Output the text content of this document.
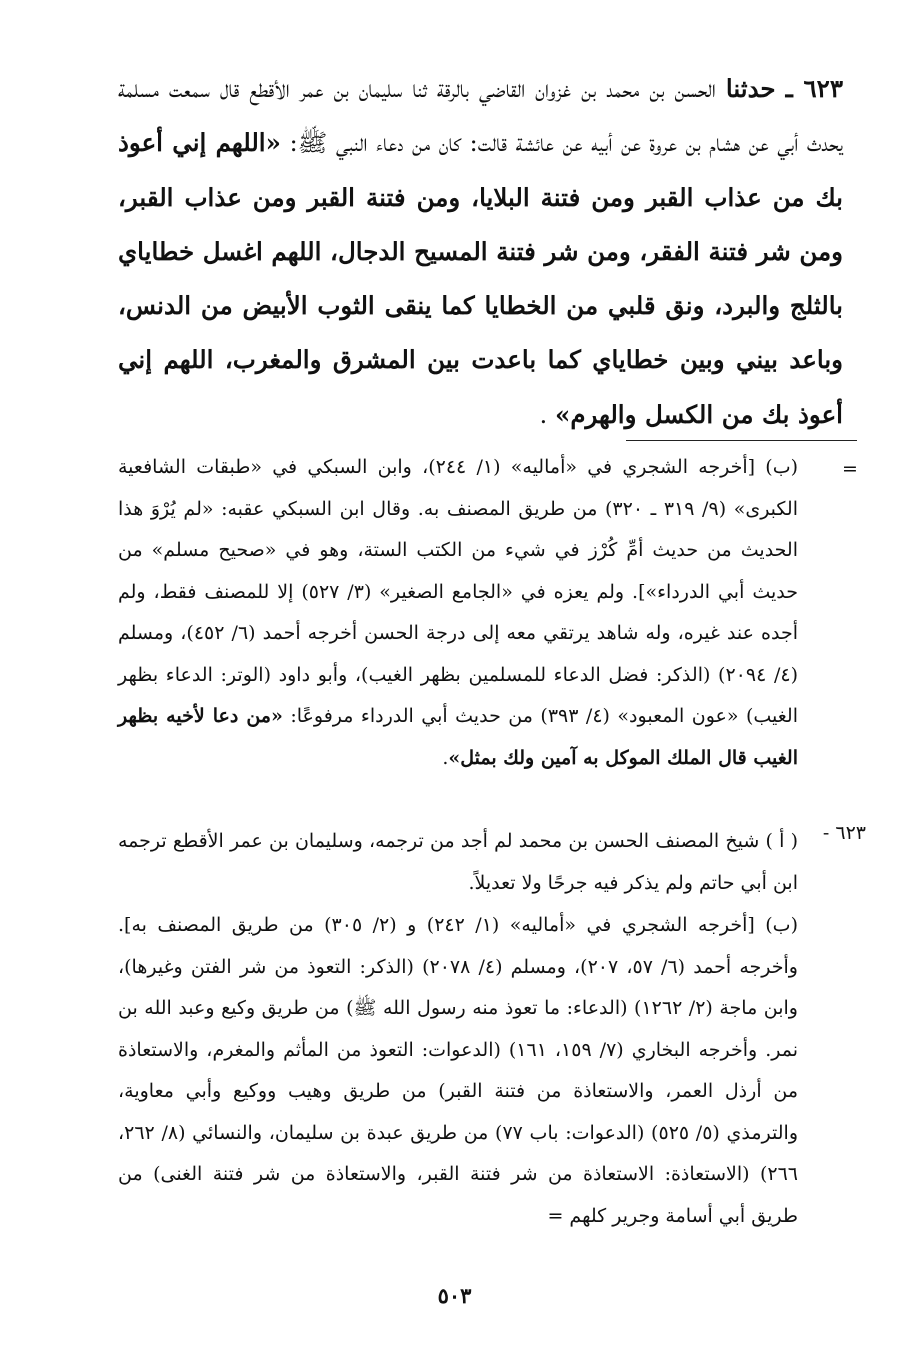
٦٢٣ ـ حدثنا الحسن بن محمد بن غزوان القاضي بالرقة ثنا سليمان بن عمر الأقطع قال سمعت مسلمة يحدث أبي عن هشام بن عروة عن أبيه عن عائشة قالت: كان من دعاء النبي ﷺ: «اللهم إني أعوذ بك من عذاب القبر ومن فتنة البلايا، ومن فتنة القبر ومن عذاب القبر، ومن شر فتنة الفقر، ومن شر فتنة المسيح الدجال، اللهم اغسل خطاياي بالثلج والبرد، ونق قلبي من الخطايا كما ينقى الثوب الأبيض من الدنس، وباعد بيني وبين خطاياي كما باعدت بين المشرق والمغرب، اللهم إني أعوذ بك من الكسل والهرم» .
=
(ب) [أخرجه الشجري في «أماليه» (١/ ٢٤٤)، وابن السبكي في «طبقات الشافعية الكبرى» (٩/ ٣١٩ ـ ٣٢٠) من طريق المصنف به. وقال ابن السبكي عقبه: «لم يُرْوَ هذا الحديث من حديث أمِّ كُرْز في شيء من الكتب الستة، وهو في «صحيح مسلم» من حديث أبي الدرداء»]. ولم يعزه في «الجامع الصغير» (٣/ ٥٢٧) إلا للمصنف فقط، ولم أجده عند غيره، وله شاهد يرتقي معه إلى درجة الحسن أخرجه أحمد (٦/ ٤٥٢)، ومسلم (٤/ ٢٠٩٤) (الذكر: فضل الدعاء للمسلمين بظهر الغيب)، وأبو داود (الوتر: الدعاء بظهر الغيب) «عون المعبود» (٤/ ٣٩٣) من حديث أبي الدرداء مرفوعًا: «من دعا لأخيه بظهر الغيب قال الملك الموكل به آمين ولك بمثل».
٦٢٣ -
( أ ) شيخ المصنف الحسن بن محمد لم أجد من ترجمه، وسليمان بن عمر الأقطع ترجمه ابن أبي حاتم ولم يذكر فيه جرحًا ولا تعديلاً.
(ب) [أخرجه الشجري في «أماليه» (١/ ٢٤٢) و (٢/ ٣٠٥) من طريق المصنف به]. وأخرجه أحمد (٦/ ٥٧، ٢٠٧)، ومسلم (٤/ ٢٠٧٨) (الذكر: التعوذ من شر الفتن وغيرها)، وابن ماجة (٢/ ١٢٦٢) (الدعاء: ما تعوذ منه رسول الله ﷺ) من طريق وكيع وعبد الله بن نمر. وأخرجه البخاري (٧/ ١٥٩، ١٦١) (الدعوات: التعوذ من المأثم والمغرم، والاستعاذة من أرذل العمر، والاستعاذة من فتنة القبر) من طريق وهيب ووكيع وأبي معاوية، والترمذي (٥/ ٥٢٥) (الدعوات: باب ٧٧) من طريق عبدة بن سليمان، والنسائي (٨/ ٢٦٢، ٢٦٦) (الاستعاذة: الاستعاذة من شر فتنة القبر، والاستعاذة من شر فتنة الغنى) من طريق أبي أسامة وجرير كلهم =
٥٠٣
